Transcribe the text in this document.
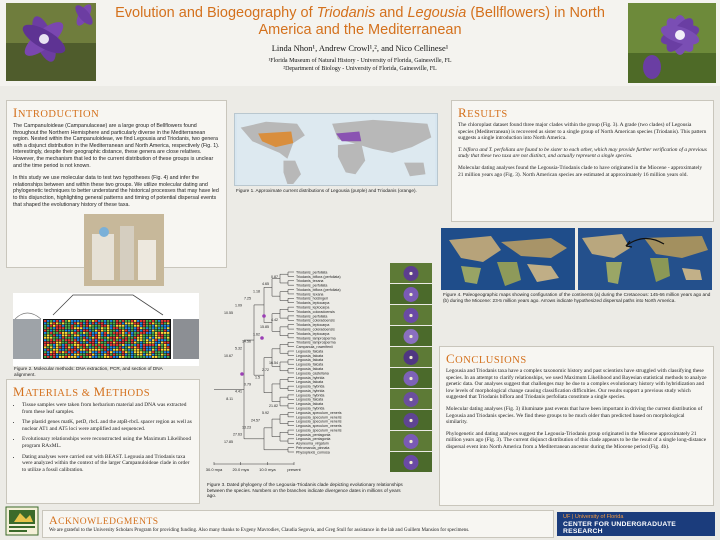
Evolution and Biogeography of Triodanis and Legousia (Bellflowers) in North
America and the Mediterranean
Linda Nhon¹, Andrew Crowl¹,², and Nico Cellinese¹
¹Florida Museum of Natural History - University of Florida, Gainesville, FL
²Department of Biology - University of Florida, Gainesville, FL
INTRODUCTION
The Campanuloideae (Campanulaceae) are a large group of Bellflowers found throughout the Northern Hemisphere and particularly diverse in the Mediterranean region. Nested within the Campanuloideae, we find Legousia and Triodanis, two genera with a disjunct distribution in the Mediterranean and North America, respectively (Fig. 1). Interestingly, despite their geographic distance, these genera are close relatives. However, the mechanism that led to the current distribution of these groups is unclear and the time period is not known.
In this study we use molecular data to test two hypotheses (Fig. 4) and infer the relationships between and within these two groups. We utilize molecular dating and phylogenetic techniques to better understand the historical processes that may have led to this disjunction, highlighting general patterns and timing of potential dispersal events that shaped the evolutionary history of these taxa.
Figure 1. Approximate current distributions of Legousia (purple) and Triodanis (orange).
RESULTS
The chloroplast dataset found three major clades within the group (Fig. 3). A grade (two clades) of Legousia species (Mediterranean) is recovered as sister to a single group of North American species (Triodanis). This pattern suggests a single introduction into North America.
T. biflora and T. perfoliata are found to be sister to each other, which may provide further verification of a previous study that these two taxa are not distinct, and actually represent a single species.
Molecular dating analyses found the Legousia-Triodanis clade to have originated in the Miocene - approximately 21 million years ago (Fig. 3). North American species are estimated at approximately 16 million years old.
Figure 2. Molecular methods: DNA extraction, PCR, and section of DNA alignment.
MATERIALS & METHODS
• Tissue samples were taken from herbarium material and DNA was extracted from these leaf samples.
• The plastid genes matK, petD, rbcL and the atpB-rbcL spacer region as well as nuclear AT1 and AT5 loci were amplified and sequenced.
• Evolutionary relationships were reconstructed using the Maximum Likelihood program RAxML.
• Dating analyses were carried out with BEAST. Legousia and Triodanis taxa were analyzed within the context of the larger Campanuloideae clade in order to utilize a fossil calibration.
Triodanis_perfoliata
Triodanis_biflora (perfoliata)
Triodanis_texana
Triodanis_perfoliata
Triodanis_biflora (perfoliata)
Triodanis_texana
Triodanis_holzingeri
Triodanis_leptocarpa
Triodanis_leptocarpa
Triodanis_coloradoensis
Triodanis_perfoliata
Triodanis_coloradoensis
Triodanis_leptocarpa
Triodanis_coloradoensis
Triodanis_leptocarpa
Triodanis_lamprosperma
Triodanis_lamprosperma
Campanula_rowerifenii
Legousia_falcata
Legousia_falcata
Legousia_falcata
Legousia_falcata
Legousia_falcata
Legousia_castellana
Legousia_hybrida
Legousia_falcata
Legousia_hybrida
Legousia_hybrida
Legousia_hybrida
Legousia_falcata
Legousia_falcata
Legousia_hybrida
Legousia_speculum_veneris
Legousia_speculum_veneris
Legousia_speculum_veneris
Legousia_speculum_veneris
Legousia_speculum_veneris
Legousia_pentagonia
Legousia_pentagonia
Asyneuma_virgatum
Petromarula_pinnata
Physoplexis_comosa
0.87
4.65
1.18
7.25
1.09
10.55
4.42
15.85
1.62
14.56
5.32
10.67
16.54
2.72
1.5
0.79
4.41
8.11
21.82
5.92
24.57
13.23
27.63
17.85
30.0 mya	20.0 mya	10.0 mya	present
Figure 3. Dated phylogeny of the Legousia-Triodanis clade depicting evolutionary relationships between the species. Numbers on the branches indicate divergence dates in millions of years ago.
Figure 4. Paleogeographic maps showing configuration of the continents (a) during the Cretaceous: 145-66 million years ago and (b) during the Miocene: 23-5 million years ago. Arrows indicate hypothesized dispersal paths into North America.
CONCLUSIONS
Legousia and Triodanis taxa have a complex taxonomic history and past scientists have struggled with classifying these species. In an attempt to clarify relationships, we used Maximum Likelihood and Bayesian statistical methods to analyze genetic data. Our analyses suggest that challenges may be due to a complex evolutionary history with hybridization and low levels of morphological change causing classification difficulties. Our results support a previous study which suggested that Triodanis biflora and Triodanis perfoliata constitute a single species.
Molecular dating analyses (Fig. 3) illuminate past events that have been important in driving the current distribution of Legousia and Triodanis species. We find these groups to be much older than predicted based on morphological similarity.
Phylogenetic and dating analyses suggest the Legousia-Triodanis group originated in the Miocene approximately 21 million years ago (Fig. 3). The current disjunct distribution of this clade appears to be the result of a single long-distance dispersal event into North America from a Mediterranean ancestor during the Miocene period (Fig. 4b).
ACKNOWLEDGMENTS
We are grateful to the University Scholars Program for providing funding. Also many thanks to Evgeny Mavrodiev, Claudia Segovia, and Greg Stull for assistance in the lab and Guillem Mansion for specimens.
UF | University of Florida
CENTER FOR UNDERGRADUATE RESEARCH
